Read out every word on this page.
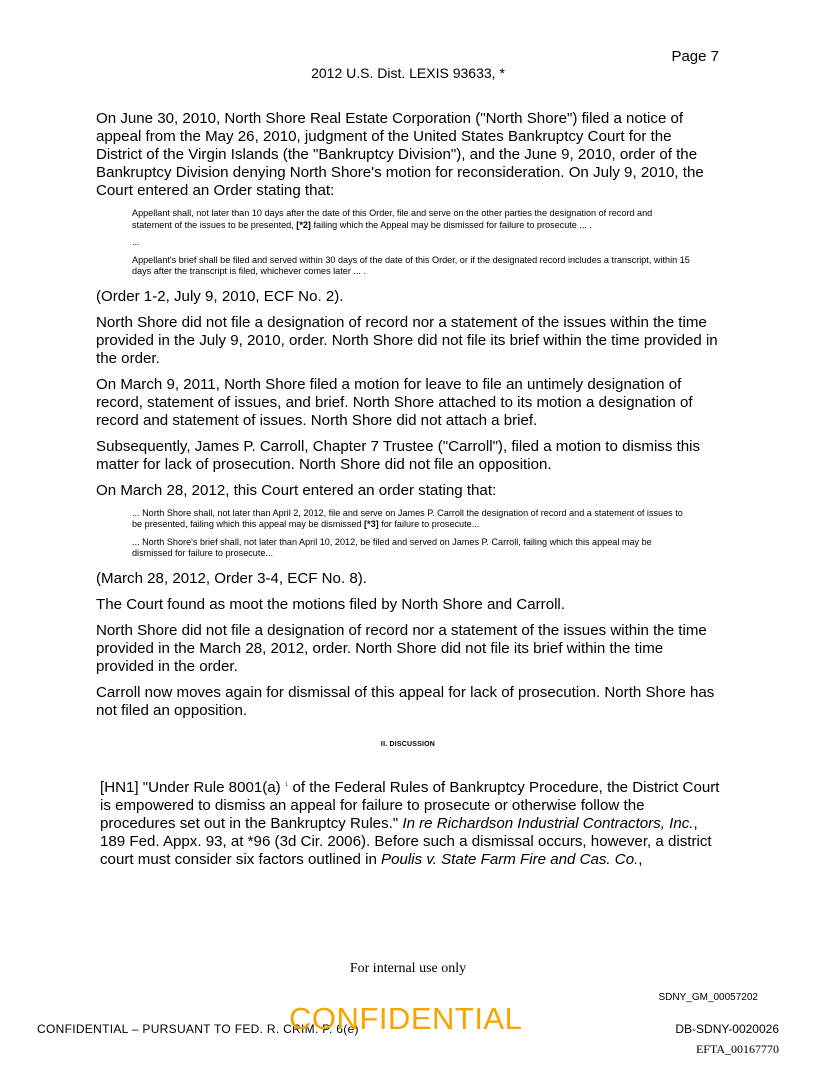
Page 7
2012 U.S. Dist. LEXIS 93633, *

On June 30, 2010, North Shore Real Estate Corporation ("North Shore") filed a notice of appeal from the May 26, 2010, judgment of the United States Bankruptcy Court for the District of the Virgin Islands (the "Bankruptcy Division"), and the June 9, 2010, order of the Bankruptcy Division denying North Shore's motion for reconsideration. On July 9, 2010, the Court entered an Order stating that:

Appellant shall, not later than 10 days after the date of this Order, file and serve on the other parties the designation of record and statement of the issues to be presented, [*2] failing which the Appeal may be dismissed for failure to prosecute ... .
...
Appellant's brief shall be filed and served within 30 days of the date of this Order, or if the designated record includes a transcript, within 15 days after the transcript is filed, whichever comes later ... .

(Order 1-2, July 9, 2010, ECF No. 2).

North Shore did not file a designation of record nor a statement of the issues within the time provided in the July 9, 2010, order. North Shore did not file its brief within the time provided in the order.

On March 9, 2011, North Shore filed a motion for leave to file an untimely designation of record, statement of issues, and brief. North Shore attached to its motion a designation of record and statement of issues. North Shore did not attach a brief.

Subsequently, James P. Carroll, Chapter 7 Trustee ("Carroll"), filed a motion to dismiss this matter for lack of prosecution. North Shore did not file an opposition.

On March 28, 2012, this Court entered an order stating that:

... North Shore shall, not later than April 2, 2012, file and serve on James P. Carroll the designation of record and a statement of issues to be presented, failing which this appeal may be dismissed [*3] for failure to prosecute...
... North Shore's brief shall, not later than April 10, 2012, be filed and served on James P. Carroll, failing which this appeal may be dismissed for failure to prosecute...

(March 28, 2012, Order 3-4, ECF No. 8).

The Court found as moot the motions filed by North Shore and Carroll.

North Shore did not file a designation of record nor a statement of the issues within the time provided in the March 28, 2012, order. North Shore did not file its brief within the time provided in the order.

Carroll now moves again for dismissal of this appeal for lack of prosecution. North Shore has not filed an opposition.

II. DISCUSSION

[HN1] "Under Rule 8001(a) $^1$ of the Federal Rules of Bankruptcy Procedure, the District Court is empowered to dismiss an appeal for failure to prosecute or otherwise follow the procedures set out in the Bankruptcy Rules." In re Richardson Industrial Contractors, Inc., 189 Fed. Appx. 93, at *96 (3d Cir. 2006). Before such a dismissal occurs, however, a district court must consider six factors outlined in Poulis v. State Farm Fire and Cas. Co.,

For internal use only
SDNY_GM_00057202
CONFIDENTIAL – PURSUANT TO FED. R. CRIM. P. 6(e)
CONFIDENTIAL	DB-SDNY-0020026
EFTA_00167770
